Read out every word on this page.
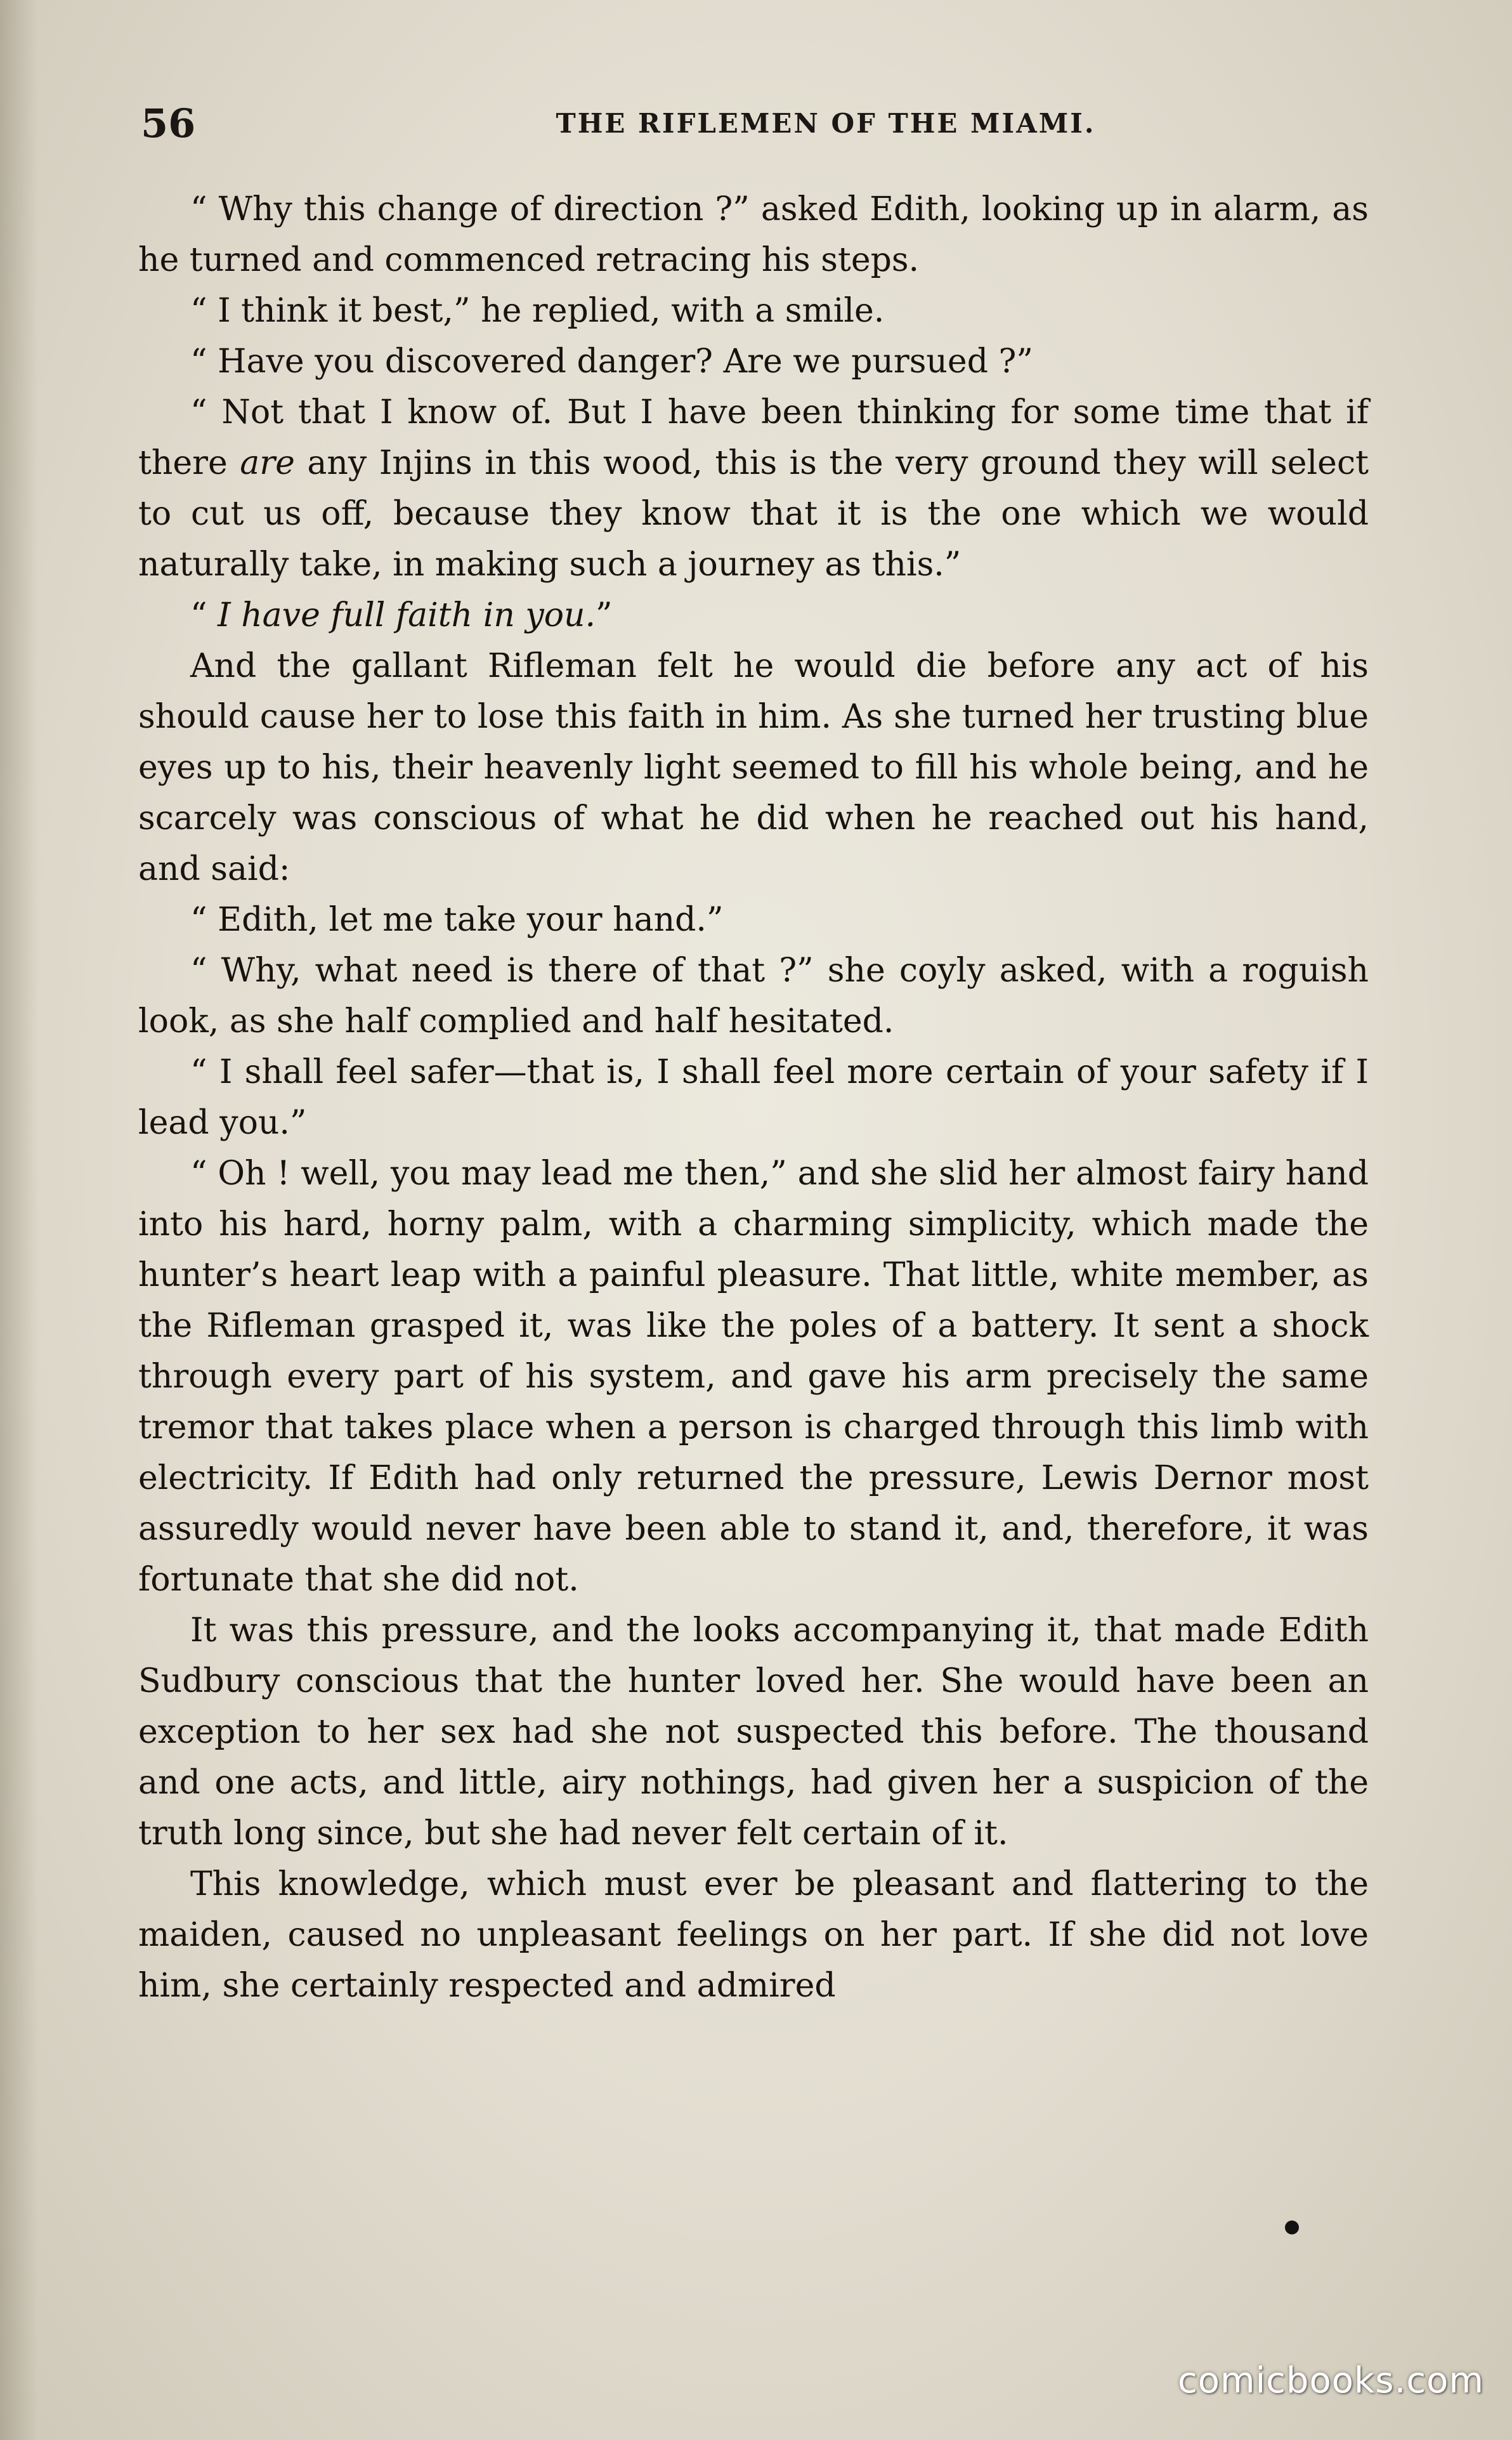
56	THE RIFLEMEN OF THE MIAMI.

“ Why this change of direction ?” asked Edith, looking up in alarm, as he turned and commenced retracing his steps.

“ I think it best,” he replied, with a smile.

“ Have you discovered danger? Are we pursued ?”

“ Not that I know of. But I have been thinking for some time that if there are any Injins in this wood, this is the very ground they will select to cut us off, because they know that it is the one which we would naturally take, in making such a journey as this.”

“ I have full faith in you.”

And the gallant Rifleman felt he would die before any act of his should cause her to lose this faith in him. As she turned her trusting blue eyes up to his, their heavenly light seemed to fill his whole being, and he scarcely was conscious of what he did when he reached out his hand, and said:

“ Edith, let me take your hand.”

“ Why, what need is there of that ?” she coyly asked, with a roguish look, as she half complied and half hesitated.

“ I shall feel safer—that is, I shall feel more certain of your safety if I lead you.”

“ Oh ! well, you may lead me then,” and she slid her almost fairy hand into his hard, horny palm, with a charming simplicity, which made the hunter’s heart leap with a painful pleasure. That little, white member, as the Rifleman grasped it, was like the poles of a battery. It sent a shock through every part of his system, and gave his arm precisely the same tremor that takes place when a person is charged through this limb with electricity. If Edith had only returned the pressure, Lewis Dernor most assuredly would never have been able to stand it, and, therefore, it was fortunate that she did not.

It was this pressure, and the looks accompanying it, that made Edith Sudbury conscious that the hunter loved her. She would have been an exception to her sex had she not suspected this before. The thousand and one acts, and little, airy nothings, had given her a suspicion of the truth long since, but she had never felt certain of it.

This knowledge, which must ever be pleasant and flattering to the maiden, caused no unpleasant feelings on her part. If she did not love him, she certainly respected and admired

comicbooks.com
